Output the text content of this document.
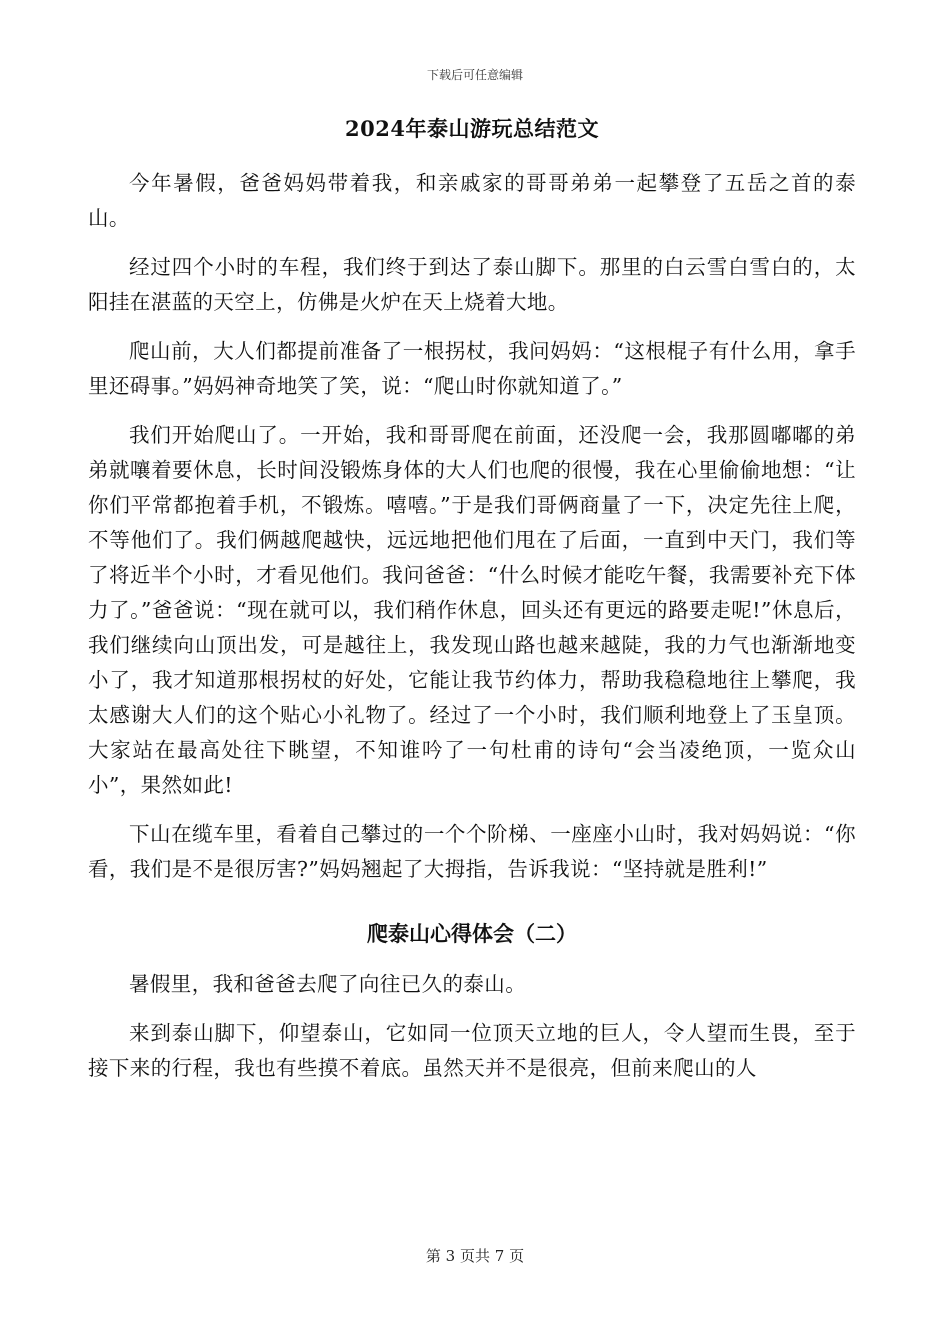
下载后可任意编辑
2024年泰山游玩总结范文

今年暑假，爸爸妈妈带着我，和亲戚家的哥哥弟弟一起攀登了五岳之首的泰山。

经过四个小时的车程，我们终于到达了泰山脚下。那里的白云雪白雪白的，太阳挂在湛蓝的天空上，仿佛是火炉在天上烧着大地。

爬山前，大人们都提前准备了一根拐杖，我问妈妈：“这根棍子有什么用，拿手里还碍事。”妈妈神奇地笑了笑，说：“爬山时你就知道了。”

我们开始爬山了。一开始，我和哥哥爬在前面，还没爬一会，我那圆嘟嘟的弟弟就嚷着要休息，长时间没锻炼身体的大人们也爬的很慢，我在心里偷偷地想：“让你们平常都抱着手机，不锻炼。嘻嘻。”于是我们哥俩商量了一下，决定先往上爬，不等他们了。我们俩越爬越快，远远地把他们甩在了后面，一直到中天门，我们等了将近半个小时，才看见他们。我问爸爸：“什么时候才能吃午餐，我需要补充下体力了。”爸爸说：“现在就可以，我们稍作休息，回头还有更远的路要走呢!”休息后，我们继续向山顶出发，可是越往上，我发现山路也越来越陡，我的力气也渐渐地变小了，我才知道那根拐杖的好处，它能让我节约体力，帮助我稳稳地往上攀爬，我太感谢大人们的这个贴心小礼物了。经过了一个小时，我们顺利地登上了玉皇顶。大家站在最高处往下眺望，不知谁吟了一句杜甫的诗句“会当凌绝顶，一览众山小”，果然如此!

下山在缆车里，看着自己攀过的一个个阶梯、一座座小山时，我对妈妈说：“你看，我们是不是很厉害?”妈妈翘起了大拇指，告诉我说：“坚持就是胜利!”

爬泰山心得体会（二）

暑假里，我和爸爸去爬了向往已久的泰山。

来到泰山脚下，仰望泰山，它如同一位顶天立地的巨人，令人望而生畏，至于接下来的行程，我也有些摸不着底。虽然天并不是很亮，但前来爬山的人

第 3 页共 7 页
